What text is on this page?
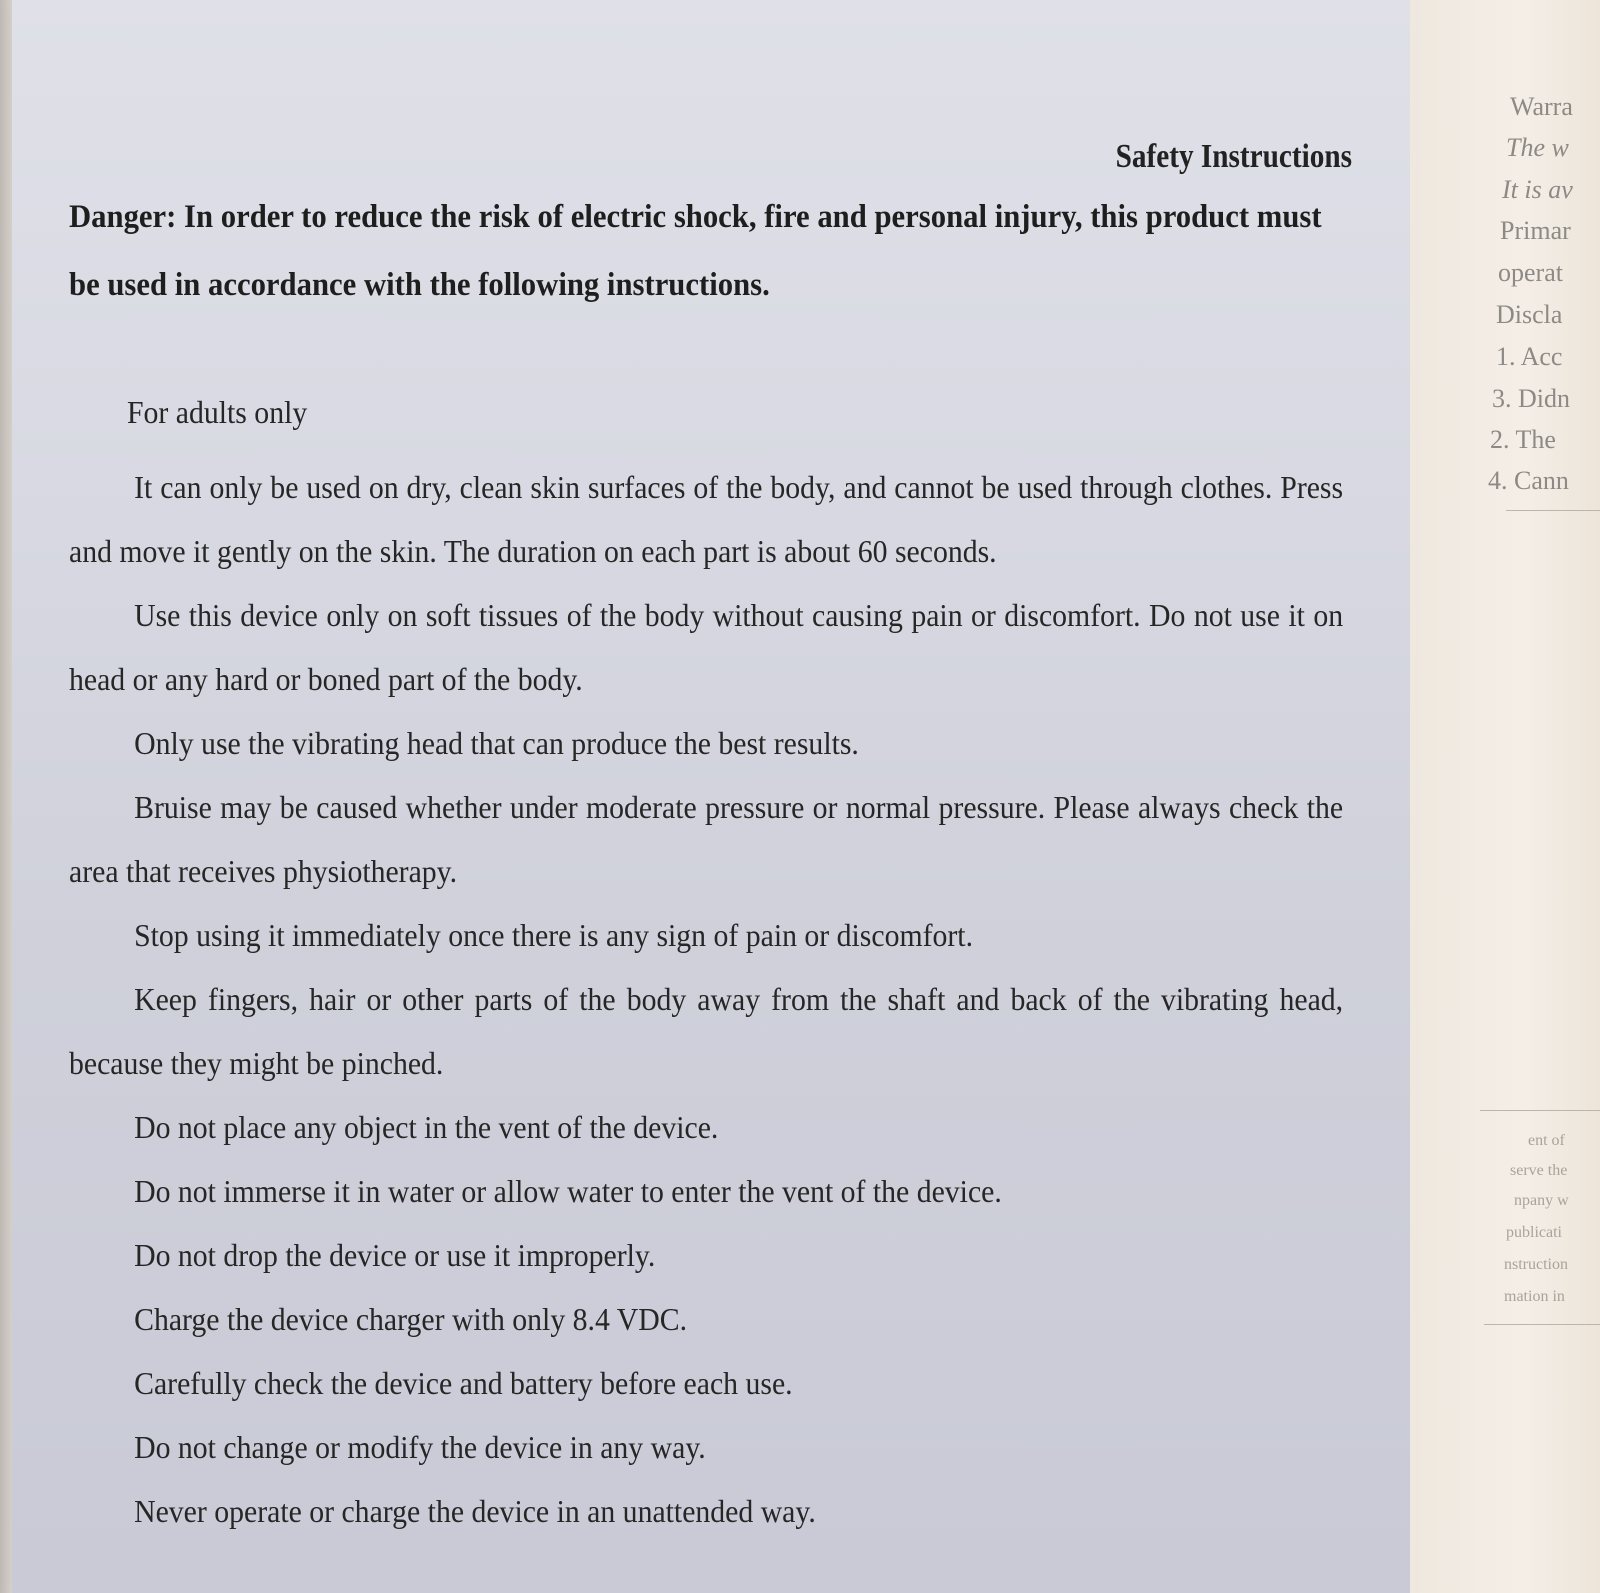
Safety Instructions
Danger: In order to reduce the risk of electric shock, fire and personal injury, this product must be used in accordance with the following instructions.
For adults only
It can only be used on dry, clean skin surfaces of the body, and cannot be used through clothes. Press and move it gently on the skin. The duration on each part is about 60 seconds.
Use this device only on soft tissues of the body without causing pain or discomfort. Do not use it on head or any hard or boned part of the body.
Only use the vibrating head that can produce the best results.
Bruise may be caused whether under moderate pressure or normal pressure. Please always check the area that receives physiotherapy.
Stop using it immediately once there is any sign of pain or discomfort.
Keep fingers, hair or other parts of the body away from the shaft and back of the vibrating head, because they might be pinched.
Do not place any object in the vent of the device.
Do not immerse it in water or allow water to enter the vent of the device.
Do not drop the device or use it improperly.
Charge the device charger with only 8.4 VDC.
Carefully check the device and battery before each use.
Do not change or modify the device in any way.
Never operate or charge the device in an unattended way.
Warra
The w
It is av
Primar
operat
Discla
1. Acc
3. Didn
2. The
4. Cann
ent of
serve the
npany w
publicati
nstruction
mation in
